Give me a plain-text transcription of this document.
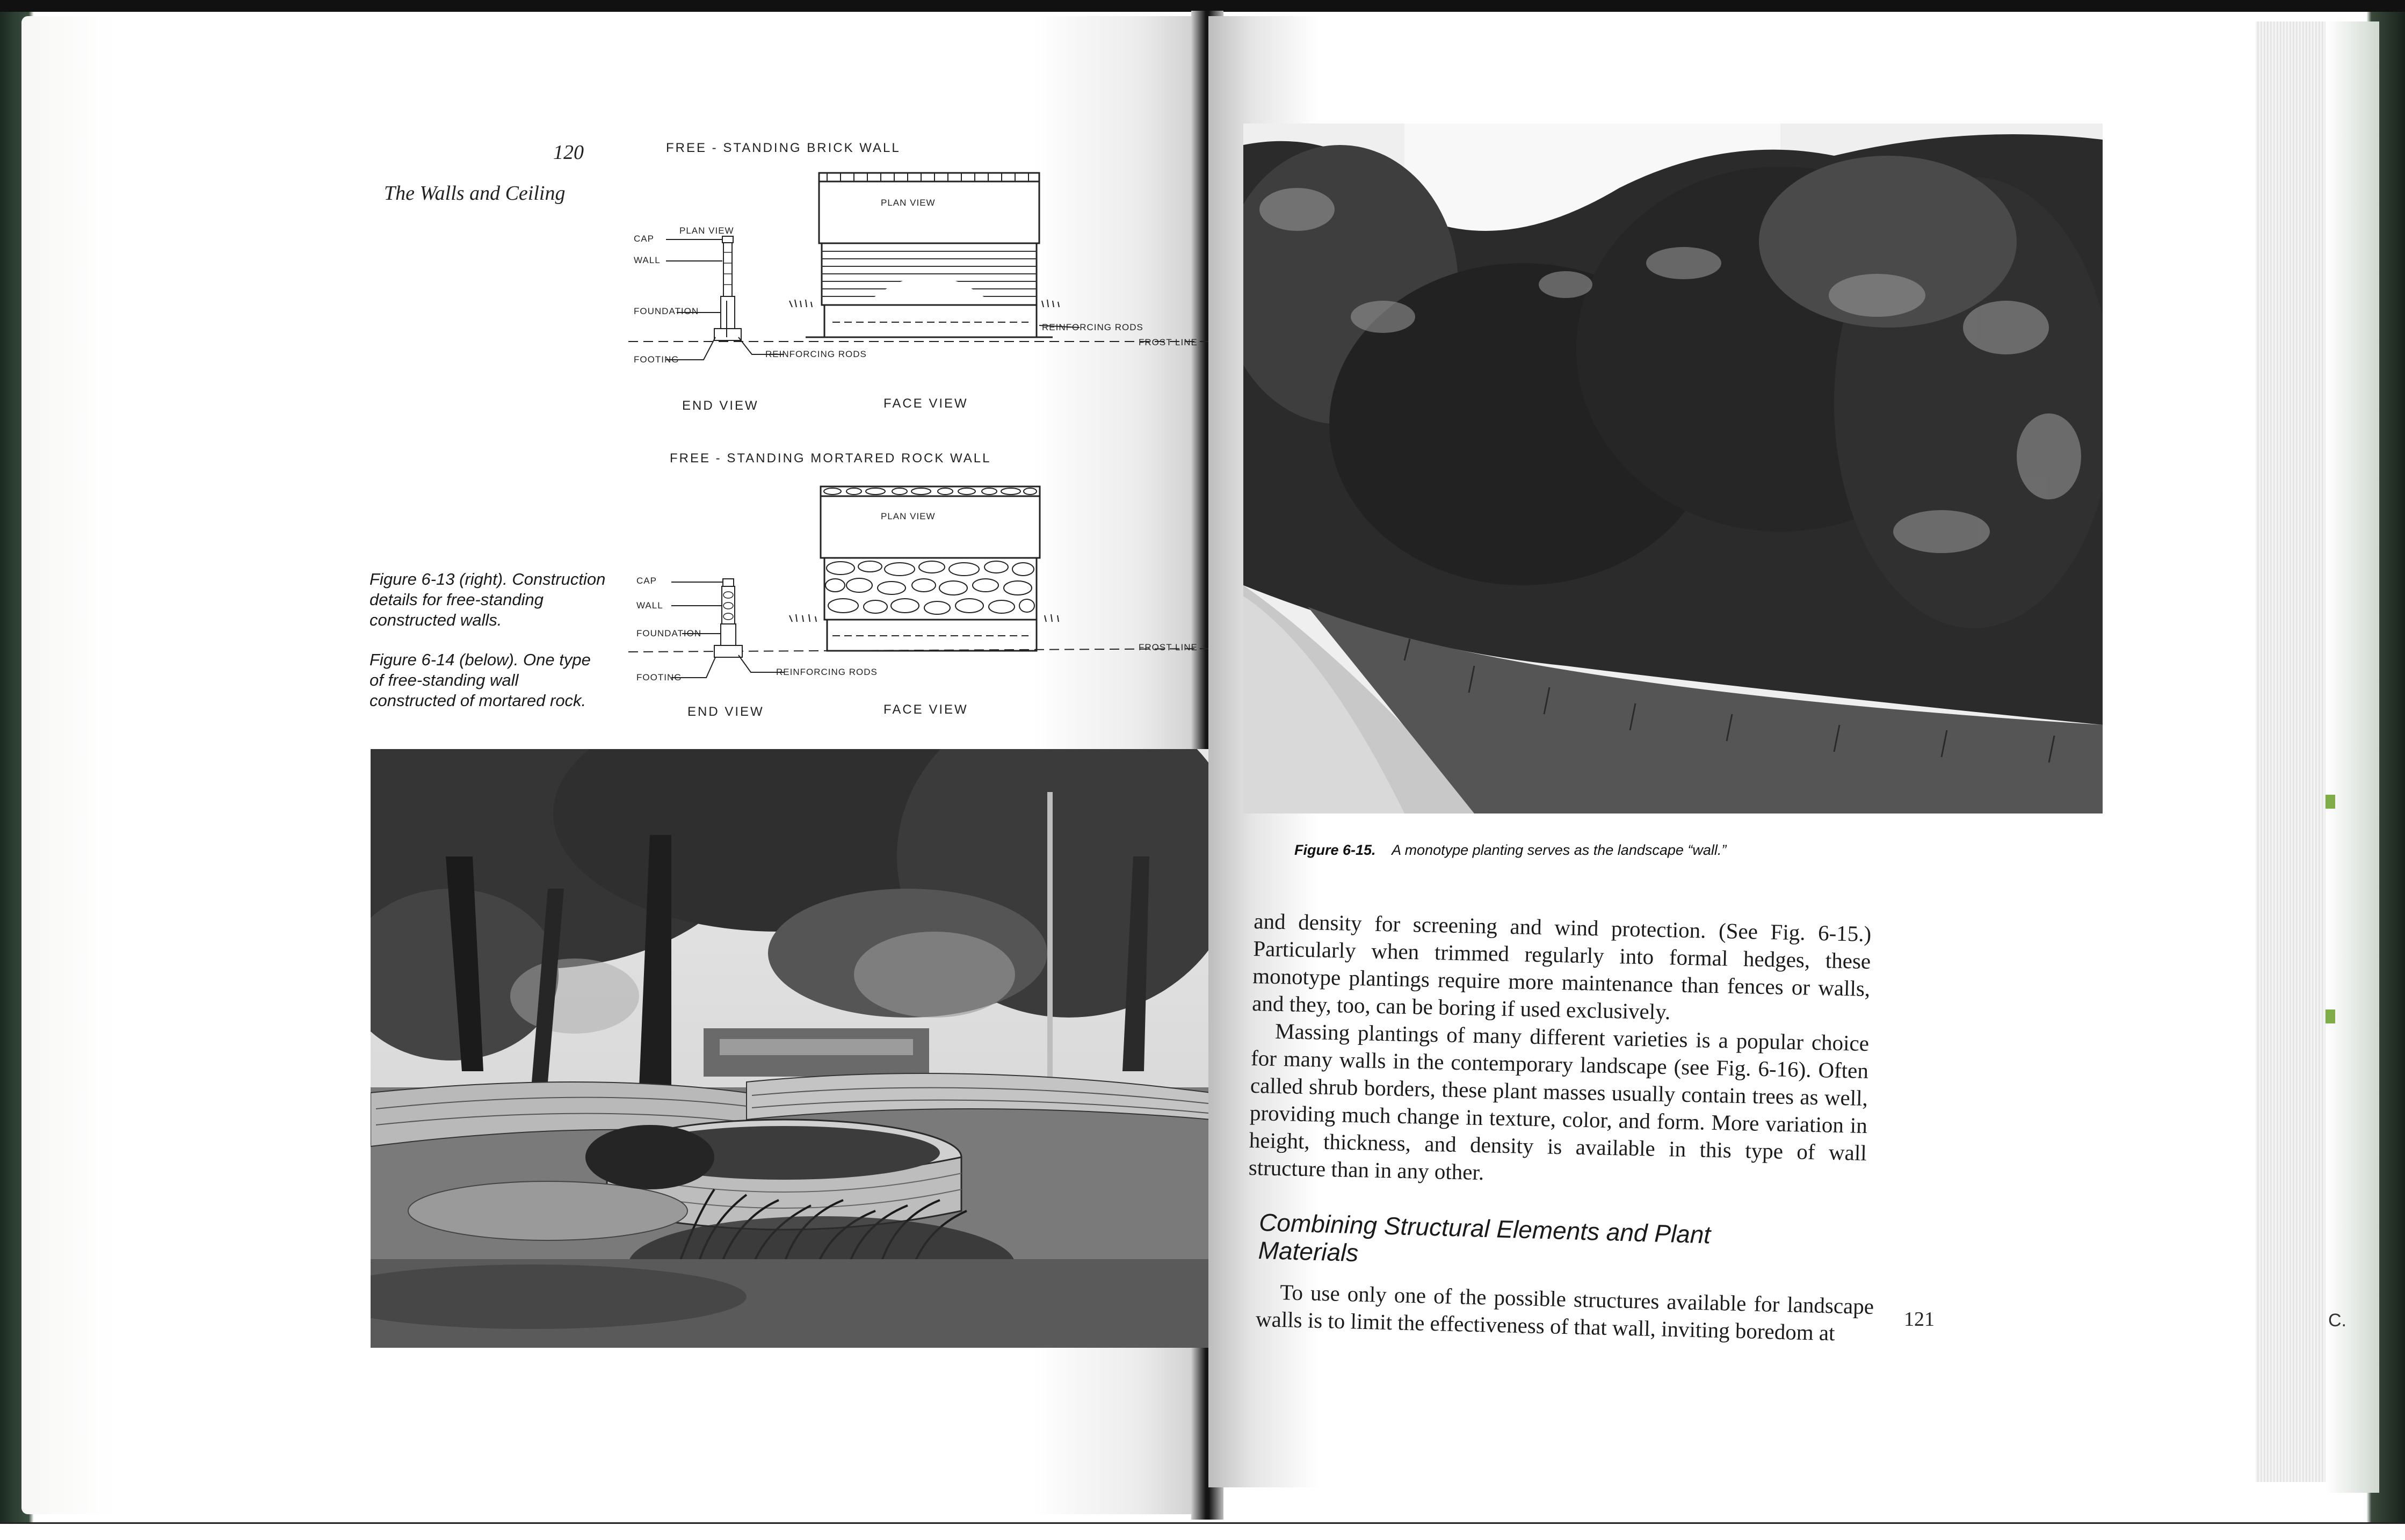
120
The Walls and Ceiling
Figure 6-13 (right). Construction details for free-standing constructed walls.
Figure 6-14 (below). One type of free-standing wall constructed of mortared rock.
FREE - STANDING BRICK WALL
PLAN VIEW
PLAN VIEW
CAP
WALL
FOUNDATION
FOOTING
REINFORCING RODS
REINFORCING RODS
FROST LINE
END VIEW	FACE VIEW
FREE - STANDING MORTARED ROCK WALL
PLAN VIEW
CAP
WALL
FOUNDATION
FOOTING
REINFORCING RODS
FROST LINE
END VIEW	FACE VIEW
C.
Figure 6-15. A monotype planting serves as the landscape “wall.”

and density for screening and wind protection. (See Fig. 6-15.) Particularly when trimmed regularly into formal hedges, these monotype plantings require more maintenance than fences or walls, and they, too, can be boring if used exclusively.

Massing plantings of many different varieties is a popular choice for many walls in the contemporary landscape (see Fig. 6-16). Often called shrub borders, these plant masses usually contain trees as well, providing much change in texture, color, and form. More variation in height, thickness, and density is available in this type of wall structure than in any other.

Combining Structural Elements and Plant Materials
To use only one of the possible structures available for landscape walls is to limit the effectiveness of that wall, inviting boredom at	121
